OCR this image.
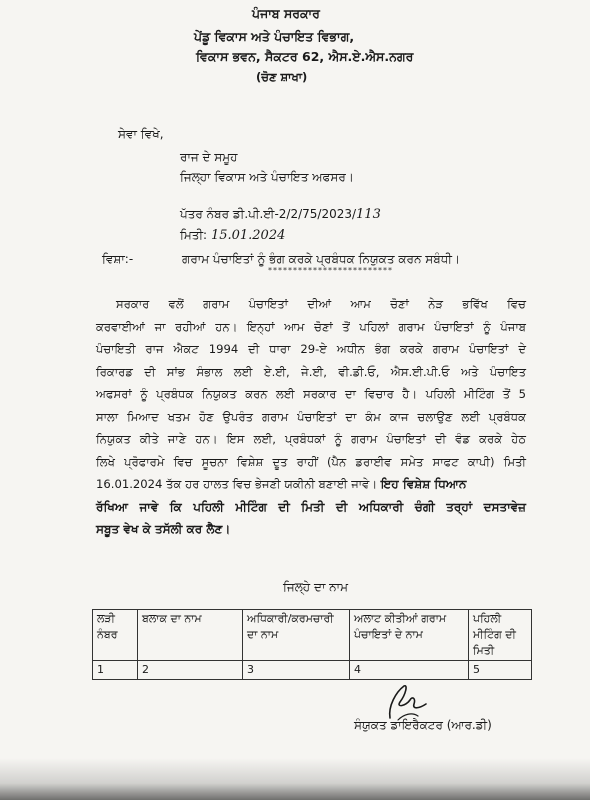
ਪੰਜਾਬ ਸਰਕਾਰ
ਪੇਂਡੂ ਵਿਕਾਸ ਅਤੇ ਪੰਚਾਇਤ ਵਿਭਾਗ,
ਵਿਕਾਸ ਭਵਨ, ਸੈਕਟਰ 62, ਐਸ.ਏ.ਐਸ.ਨਗਰ
(ਚੋਣ ਸ਼ਾਖਾ)
ਸੇਵਾ ਵਿਖੇ,
ਰਾਜ ਦੇ ਸਮੂਹ
ਜਿਲ੍ਹਾ ਵਿਕਾਸ ਅਤੇ ਪੰਚਾਇਤ ਅਫਸਰ।
ਪੱਤਰ ਨੰਬਰ ਡੀ.ਪੀ.ਈ-2/2/75/2023/113
ਮਿਤੀ: 15.01.2024
ਵਿਸ਼ਾ:-	ਗਰਾਮ ਪੰਚਾਇਤਾਂ ਨੂੰ ਭੰਗ ਕਰਕੇ ਪ੍ਰਬੰਧਕ ਨਿਯੁਕਤ ਕਰਨ ਸਬੰਧੀ।
*************************
ਸਰਕਾਰ ਵਲੋਂ ਗਰਾਮ ਪੰਚਾਇਤਾਂ ਦੀਆਂ ਆਮ ਚੋਣਾਂ ਨੇੜ ਭਵਿੱਖ ਵਿਚ
ਕਰਵਾਈਆਂ ਜਾ ਰਹੀਆਂ ਹਨ। ਇਨ੍ਹਾਂ ਆਮ ਚੋਣਾਂ ਤੋਂ ਪਹਿਲਾਂ ਗਰਾਮ ਪੰਚਾਇਤਾਂ ਨੂੰ ਪੰਜਾਬ
ਪੰਚਾਇਤੀ ਰਾਜ ਐਕਟ 1994 ਦੀ ਧਾਰਾ 29-ਏ ਅਧੀਨ ਭੰਗ ਕਰਕੇ ਗਰਾਮ ਪੰਚਾਇਤਾਂ ਦੇ
ਰਿਕਾਰਡ ਦੀ ਸਾਂਭ ਸੰਭਾਲ ਲਈ ਏ.ਈ, ਜੇ.ਈ, ਵੀ.ਡੀ.ਓ, ਐਸ.ਈ.ਪੀ.ਓ ਅਤੇ ਪੰਚਾਇਤ
ਅਫਸਰਾਂ ਨੂੰ ਪ੍ਰਬੰਧਕ ਨਿਯੁਕਤ ਕਰਨ ਲਈ ਸਰਕਾਰ ਦਾ ਵਿਚਾਰ ਹੈ। ਪਹਿਲੀ ਮੀਟਿੰਗ ਤੋਂ 5
ਸਾਲਾ ਮਿਆਦ ਖਤਮ ਹੋਣ ਉਪਰੰਤ ਗਰਾਮ ਪੰਚਾਇਤਾਂ ਦਾ ਕੰਮ ਕਾਜ ਚਲਾਉਣ ਲਈ ਪ੍ਰਬੰਧਕ
ਨਿਯੁਕਤ ਕੀਤੇ ਜਾਣੇ ਹਨ। ਇਸ ਲਈ, ਪ੍ਰਬੰਧਕਾਂ ਨੂੰ ਗਰਾਮ ਪੰਚਾਇਤਾਂ ਦੀ ਵੰਡ ਕਰਕੇ ਹੇਠ
ਲਿਖੇ ਪ੍ਰੋਫਾਰਮੇ ਵਿਚ ਸੂਚਨਾ ਵਿਸ਼ੇਸ਼ ਦੂਤ ਰਾਹੀਂ (ਪੈਨ ਡਰਾਈਵ ਸਮੇਤ ਸਾਫਟ ਕਾਪੀ) ਮਿਤੀ
16.01.2024 ਤੱਕ ਹਰ ਹਾਲਤ ਵਿਚ ਭੇਜਣੀ ਯਕੀਨੀ ਬਣਾਈ ਜਾਵੇ। ਇਹ ਵਿਸ਼ੇਸ਼ ਧਿਆਨ
ਰੱਖਿਆ ਜਾਵੇ ਕਿ ਪਹਿਲੀ ਮੀਟਿੰਗ ਦੀ ਮਿਤੀ ਦੀ ਅਧਿਕਾਰੀ ਚੰਗੀ ਤਰ੍ਹਾਂ ਦਸਤਾਵੇਜ਼
ਸਬੂਤ ਵੇਖ ਕੇ ਤਸੱਲੀ ਕਰ ਲੈਣ।
ਜਿਲ੍ਹੇ ਦਾ ਨਾਮ
ਲੜੀ ਨੰਬਰ	ਬਲਾਕ ਦਾ ਨਾਮ	ਅਧਿਕਾਰੀ/ਕਰਮਚਾਰੀ ਦਾ ਨਾਮ	ਅਲਾਟ ਕੀਤੀਆਂ ਗਰਾਮ ਪੰਚਾਇਤਾਂ ਦੇ ਨਾਮ	ਪਹਿਲੀ ਮੀਟਿੰਗ ਦੀ ਮਿਤੀ
1	2	3	4	5
ਸੰਯੁਕਤ ਡਾਇਰੈਕਟਰ (ਆਰ.ਡੀ)
